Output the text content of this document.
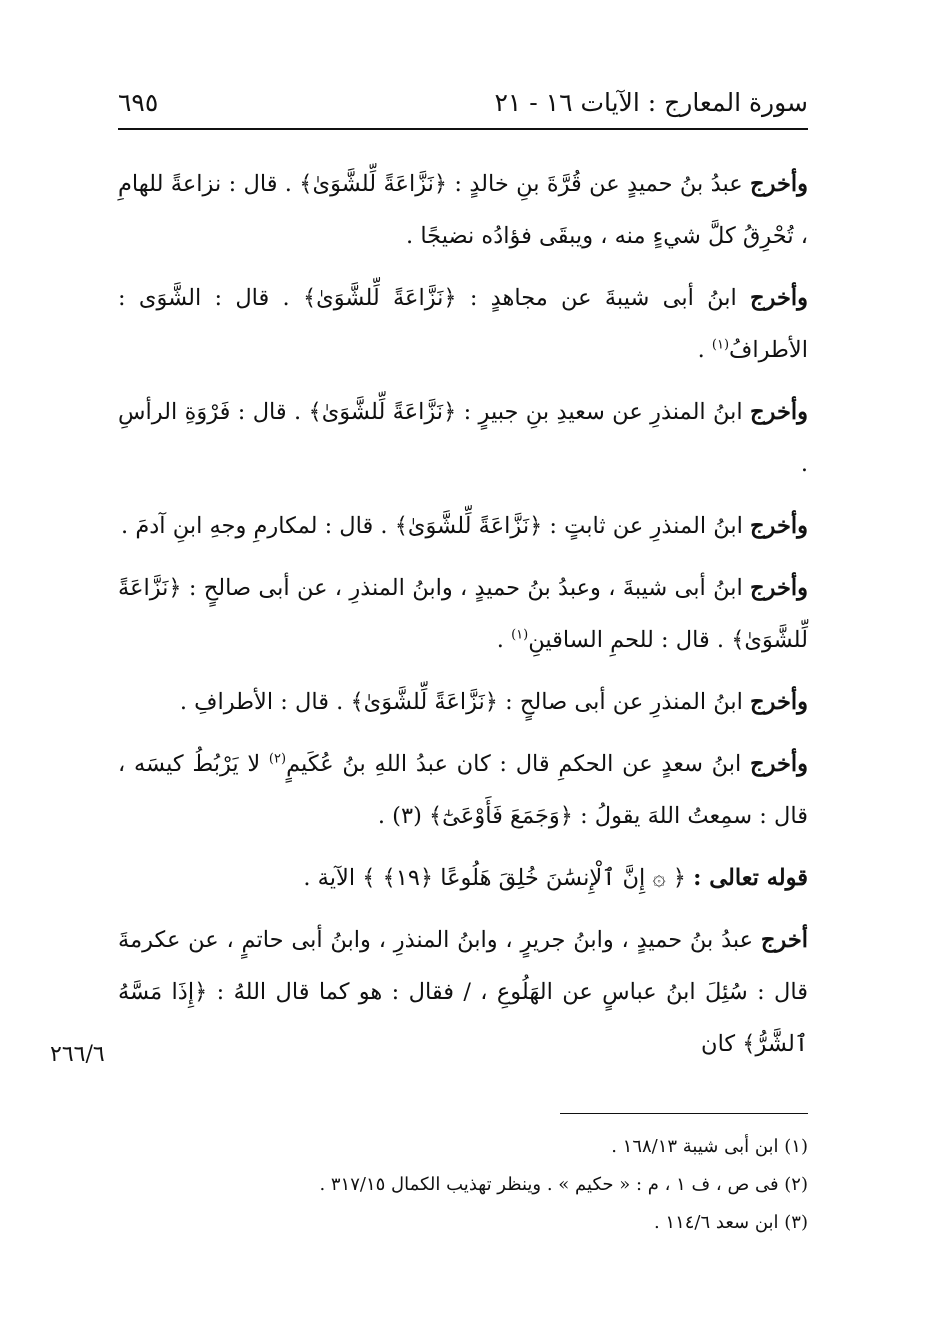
سورة المعارج : الآيات ١٦ - ٢١
٦٩٥

وأخرج عبدُ بنُ حميدٍ عن قُرَّةَ بنِ خالدٍ : ﴿نَزَّاعَةً لِّلشَّوَىٰ﴾ . قال : نزاعةً للهامِ ، تُحْرِقُ كلَّ شيءٍ منه ، ويبقَى فؤادُه نضيجًا .

وأخرج ابنُ أبى شيبةَ عن مجاهدٍ : ﴿نَزَّاعَةً لِّلشَّوَىٰ﴾ . قال : الشَّوَى : الأطرافُ$^{(١)}$ .

وأخرج ابنُ المنذرِ عن سعيدِ بنِ جبيرٍ : ﴿نَزَّاعَةً لِّلشَّوَىٰ﴾ . قال : فَرْوَةِ الرأسِ .

وأخرج ابنُ المنذرِ عن ثابتٍ : ﴿نَزَّاعَةً لِّلشَّوَىٰ﴾ . قال : لمكارمِ وجهِ ابنِ آدمَ .

وأخرج ابنُ أبى شيبةَ ، وعبدُ بنُ حميدٍ ، وابنُ المنذرِ ، عن أبى صالحٍ : ﴿نَزَّاعَةً لِّلشَّوَىٰ﴾ . قال : للحمِ الساقينِ$^{(١)}$ .

وأخرج ابنُ المنذرِ عن أبى صالحٍ : ﴿نَزَّاعَةً لِّلشَّوَىٰ﴾ . قال : الأطرافِ .

وأخرج ابنُ سعدٍ عن الحكمِ قال : كان عبدُ اللهِ بنُ عُكَيمٍ$^{(٢)}$ لا يَرْبُطُ كيسَه ، قال : سمِعتُ اللهَ يقولُ : ﴿وَجَمَعَ فَأَوْعَىٰٓ﴾ (٣) .

قوله تعالى : ﴿ ۞ إِنَّ ٱلْإِنسَٰنَ خُلِقَ هَلُوعًا ﴿١٩﴾ ﴾ الآية .

أخرج عبدُ بنُ حميدٍ ، وابنُ جريرٍ ، وابنُ المنذرِ ، وابنُ أبى حاتمٍ ، عن عكرمةَ قال : سُئِلَ ابنُ عباسٍ عن الهَلُوعِ ، / فقال : هو كما قال اللهُ : ﴿إِذَا مَسَّهُ ٱلشَّرُّ﴾ كان

٢٦٦/٦

(١) ابن أبى شيبة ١٦٨/١٣ .

(٢) فى ص ، ف ١ ، م : « حكيم » . وينظر تهذيب الكمال ٣١٧/١٥ .

(٣) ابن سعد ١١٤/٦ .
